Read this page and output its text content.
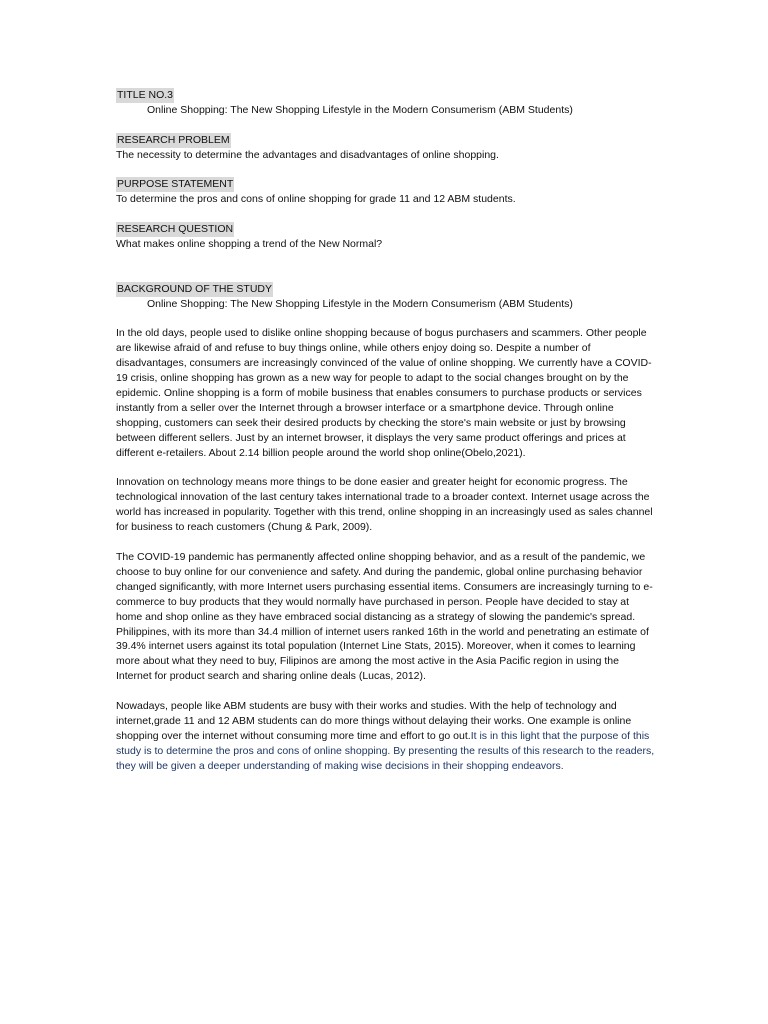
TITLE NO.3
Online Shopping: The New Shopping Lifestyle in the Modern Consumerism (ABM Students)
RESEARCH PROBLEM
The necessity to determine the advantages and disadvantages of online shopping.
PURPOSE STATEMENT
To determine the pros and cons of online shopping for grade 11 and 12 ABM students.
RESEARCH QUESTION
What makes online shopping a trend of the New Normal?
BACKGROUND OF THE STUDY
Online Shopping: The New Shopping Lifestyle in the Modern Consumerism (ABM Students)

In the old days, people used to dislike online shopping because of bogus purchasers and scammers. Other people are likewise afraid of and refuse to buy things online, while others enjoy doing so. Despite a number of disadvantages, consumers are increasingly convinced of the value of online shopping. We currently have a COVID-19 crisis, online shopping has grown as a new way for people to adapt to the social changes brought on by the epidemic. Online shopping is a form of mobile business that enables consumers to purchase products or services instantly from a seller over the Internet through a browser interface or a smartphone device. Through online shopping, customers can seek their desired products by checking the store's main website or just by browsing between different sellers. Just by an internet browser, it displays the very same product offerings and prices at different e-retailers. About 2.14 billion people around the world shop online(Obelo,2021).

Innovation on technology means more things to be done easier and greater height for economic progress. The technological innovation of the last century takes international trade to a broader context. Internet usage across the world has increased in popularity. Together with this trend, online shopping in an increasingly used as sales channel for business to reach customers (Chung & Park, 2009).

The COVID-19 pandemic has permanently affected online shopping behavior, and as a result of the pandemic, we choose to buy online for our convenience and safety. And during the pandemic, global online purchasing behavior changed significantly, with more Internet users purchasing essential items. Consumers are increasingly turning to e-commerce to buy products that they would normally have purchased in person. People have decided to stay at home and shop online as they have embraced social distancing as a strategy of slowing the pandemic's spread. Philippines, with its more than 34.4 million of internet users ranked 16th in the world and penetrating an estimate of 39.4% internet users against its total population (Internet Line Stats, 2015). Moreover, when it comes to learning more about what they need to buy, Filipinos are among the most active in the Asia Pacific region in using the Internet for product search and sharing online deals (Lucas, 2012).

Nowadays, people like ABM students are busy with their works and studies. With the help of technology and internet,grade 11 and 12 ABM students can do more things without delaying their works. One example is online shopping over the internet without consuming more time and effort to go out.It is in this light that the purpose of this study is to determine the pros and cons of online shopping. By presenting the results of this research to the readers, they will be given a deeper understanding of making wise decisions in their shopping endeavors.
